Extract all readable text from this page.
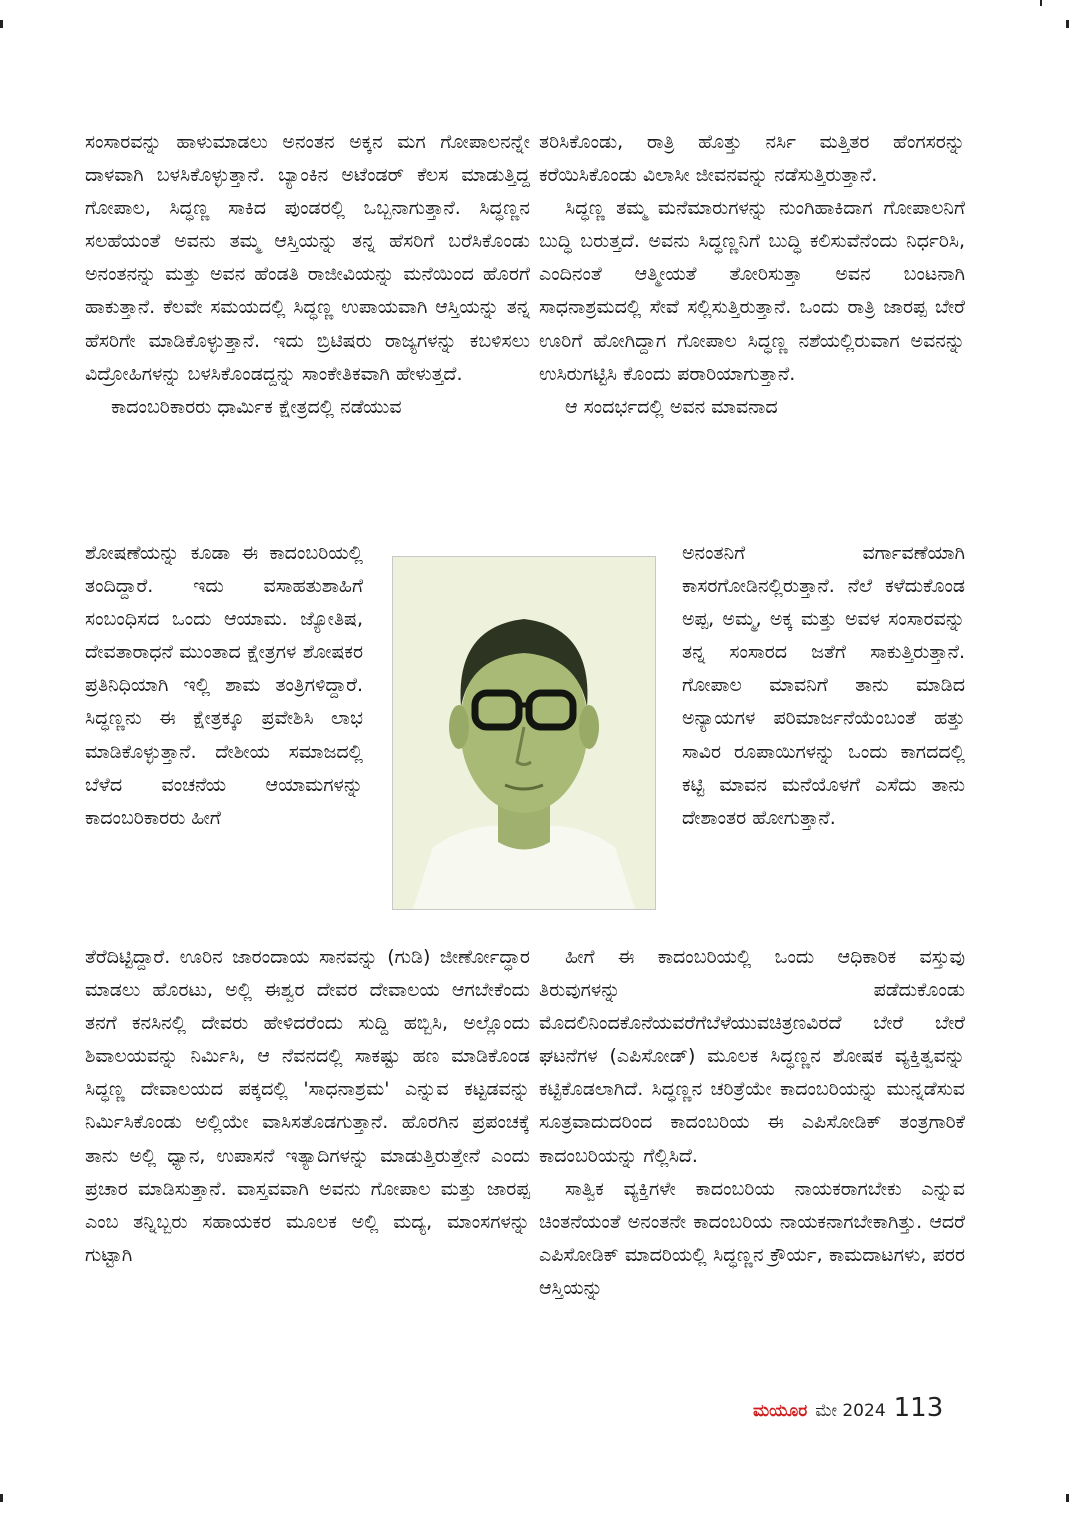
ಸಂಸಾರವನ್ನು ಹಾಳುಮಾಡಲು ಅನಂತನ ಅಕ್ಕನ ಮಗ ಗೋಪಾಲನನ್ನೇ ದಾಳವಾಗಿ ಬಳಸಿಕೊಳ್ಳುತ್ತಾನೆ. ಬ್ಯಾಂಕಿನ ಅಟೆಂಡರ್ ಕೆಲಸ ಮಾಡುತ್ತಿದ್ದ ಗೋಪಾಲ, ಸಿದ್ಧಣ್ಣ ಸಾಕಿದ ಪುಂಡರಲ್ಲಿ ಒಬ್ಬನಾಗುತ್ತಾನೆ. ಸಿದ್ಧಣ್ಣನ ಸಲಹೆಯಂತೆ ಅವನು ತಮ್ಮ ಆಸ್ತಿಯನ್ನು ತನ್ನ ಹೆಸರಿಗೆ ಬರೆಸಿಕೊಂಡು ಅನಂತನನ್ನು ಮತ್ತು ಅವನ ಹೆಂಡತಿ ರಾಜೀವಿಯನ್ನು ಮನೆಯಿಂದ ಹೊರಗೆ ಹಾಕುತ್ತಾನೆ. ಕೆಲವೇ ಸಮಯದಲ್ಲಿ ಸಿದ್ಧಣ್ಣ ಉಪಾಯವಾಗಿ ಆಸ್ತಿಯನ್ನು ತನ್ನ ಹೆಸರಿಗೇ ಮಾಡಿಕೊಳ್ಳುತ್ತಾನೆ. ಇದು ಬ್ರಿಟಿಷರು ರಾಜ್ಯಗಳನ್ನು ಕಬಳಿಸಲು ವಿದ್ರೋಹಿಗಳನ್ನು ಬಳಸಿಕೊಂಡದ್ದನ್ನು ಸಾಂಕೇತಿಕವಾಗಿ ಹೇಳುತ್ತದೆ.

ಕಾದಂಬರಿಕಾರರು ಧಾರ್ಮಿಕ ಕ್ಷೇತ್ರದಲ್ಲಿ ನಡೆಯುವ

ಶೋಷಣೆಯನ್ನು ಕೂಡಾ ಈ ಕಾದಂಬರಿಯಲ್ಲಿ ತಂದಿದ್ದಾರೆ. ಇದು ವಸಾಹತುಶಾಹಿಗೆ ಸಂಬಂಧಿಸದ ಒಂದು ಆಯಾಮ. ಜ್ಯೋತಿಷ, ದೇವತಾರಾಧನೆ ಮುಂತಾದ ಕ್ಷೇತ್ರಗಳ ಶೋಷಕರ ಪ್ರತಿನಿಧಿಯಾಗಿ ಇಲ್ಲಿ ಶಾಮ ತಂತ್ರಿಗಳಿದ್ದಾರೆ. ಸಿದ್ಧಣ್ಣನು ಈ ಕ್ಷೇತ್ರಕ್ಕೂ ಪ್ರವೇಶಿಸಿ ಲಾಭ ಮಾಡಿಕೊಳ್ಳುತ್ತಾನೆ. ದೇಶೀಯ ಸಮಾಜದಲ್ಲಿ ಬೆಳೆದ ವಂಚನೆಯ ಆಯಾಮಗಳನ್ನು ಕಾದಂಬರಿಕಾರರು ಹೀಗೆ

ತೆರೆದಿಟ್ಟಿದ್ದಾರೆ. ಊರಿನ ಜಾರಂದಾಯ ಸಾನವನ್ನು (ಗುಡಿ) ಜೀರ್ಣೋದ್ಧಾರ ಮಾಡಲು ಹೊರಟು, ಅಲ್ಲಿ ಈಶ್ವರ ದೇವರ ದೇವಾಲಯ ಆಗಬೇಕೆಂದು ತನಗೆ ಕನಸಿನಲ್ಲಿ ದೇವರು ಹೇಳಿದರೆಂದು ಸುದ್ದಿ ಹಬ್ಬಿಸಿ, ಅಲ್ಲೊಂದು ಶಿವಾಲಯವನ್ನು ನಿರ್ಮಿಸಿ, ಆ ನೆವನದಲ್ಲಿ ಸಾಕಷ್ಟು ಹಣ ಮಾಡಿಕೊಂಡ ಸಿದ್ಧಣ್ಣ ದೇವಾಲಯದ ಪಕ್ಕದಲ್ಲಿ 'ಸಾಧನಾಶ್ರಮ' ಎನ್ನುವ ಕಟ್ಟಡವನ್ನು ನಿರ್ಮಿಸಿಕೊಂಡು ಅಲ್ಲಿಯೇ ವಾಸಿಸತೊಡಗುತ್ತಾನೆ. ಹೊರಗಿನ ಪ್ರಪಂಚಕ್ಕೆ ತಾನು ಅಲ್ಲಿ ಧ್ಯಾನ, ಉಪಾಸನೆ ಇತ್ಯಾದಿಗಳನ್ನು ಮಾಡುತ್ತಿರುತ್ತೇನೆ ಎಂದು ಪ್ರಚಾರ ಮಾಡಿಸುತ್ತಾನೆ. ವಾಸ್ತವವಾಗಿ ಅವನು ಗೋಪಾಲ ಮತ್ತು ಜಾರಪ್ಪ ಎಂಬ ತನ್ನಿಬ್ಬರು ಸಹಾಯಕರ ಮೂಲಕ ಅಲ್ಲಿ ಮದ್ಯ, ಮಾಂಸಗಳನ್ನು ಗುಟ್ಟಾಗಿ

ತರಿಸಿಕೊಂಡು, ರಾತ್ರಿ ಹೊತ್ತು ನರ್ಸಿ ಮತ್ತಿತರ ಹೆಂಗಸರನ್ನು ಕರೆಯಿಸಿಕೊಂಡು ವಿಲಾಸೀ ಜೀವನವನ್ನು ನಡೆಸುತ್ತಿರುತ್ತಾನೆ.

ಸಿದ್ಧಣ್ಣ ತಮ್ಮ ಮನೆಮಾರುಗಳನ್ನು ನುಂಗಿಹಾಕಿದಾಗ ಗೋಪಾಲನಿಗೆ ಬುದ್ಧಿ ಬರುತ್ತದೆ. ಅವನು ಸಿದ್ಧಣ್ಣನಿಗೆ ಬುದ್ಧಿ ಕಲಿಸುವೆನೆಂದು ನಿರ್ಧರಿಸಿ, ಎಂದಿನಂತೆ ಆತ್ಮೀಯತೆ ತೋರಿಸುತ್ತಾ ಅವನ ಬಂಟನಾಗಿ ಸಾಧನಾಶ್ರಮದಲ್ಲಿ ಸೇವೆ ಸಲ್ಲಿಸುತ್ತಿರುತ್ತಾನೆ. ಒಂದು ರಾತ್ರಿ ಜಾರಪ್ಪ ಬೇರೆ ಊರಿಗೆ ಹೋಗಿದ್ದಾಗ ಗೋಪಾಲ ಸಿದ್ಧಣ್ಣ ನಶೆಯಲ್ಲಿರುವಾಗ ಅವನನ್ನು ಉಸಿರುಗಟ್ಟಿಸಿ ಕೊಂದು ಪರಾರಿಯಾಗುತ್ತಾನೆ.

ಆ ಸಂದರ್ಭದಲ್ಲಿ ಅವನ ಮಾವನಾದ

ಅನಂತನಿಗೆ ವರ್ಗಾವಣೆಯಾಗಿ ಕಾಸರಗೋಡಿನಲ್ಲಿರುತ್ತಾನೆ. ನೆಲೆ ಕಳೆದುಕೊಂಡ ಅಪ್ಪ, ಅಮ್ಮ, ಅಕ್ಕ ಮತ್ತು ಅವಳ ಸಂಸಾರವನ್ನು ತನ್ನ ಸಂಸಾರದ ಜತೆಗೆ ಸಾಕುತ್ತಿರುತ್ತಾನೆ. ಗೋಪಾಲ ಮಾವನಿಗೆ ತಾನು ಮಾಡಿದ ಅನ್ಯಾಯಗಳ ಪರಿಮಾರ್ಜನೆಯೆಂಬಂತೆ ಹತ್ತು ಸಾವಿರ ರೂಪಾಯಿಗಳನ್ನು ಒಂದು ಕಾಗದದಲ್ಲಿ ಕಟ್ಟಿ ಮಾವನ ಮನೆಯೊಳಗೆ ಎಸೆದು ತಾನು ದೇಶಾಂತರ ಹೋಗುತ್ತಾನೆ.

ಹೀಗೆ ಈ ಕಾದಂಬರಿಯಲ್ಲಿ ಒಂದು ಆಧಿಕಾರಿಕ ವಸ್ತುವು ತಿರುವುಗಳನ್ನು ಪಡೆದುಕೊಂಡು ಮೊದಲಿನಿಂದಕೊನೆಯವರೆಗೆಬೆಳೆಯುವಚಿತ್ರಣವಿರದೆ ಬೇರೆ ಬೇರೆ ಘಟನೆಗಳ (ಎಪಿಸೋಡ್) ಮೂಲಕ ಸಿದ್ಧಣ್ಣನ ಶೋಷಕ ವ್ಯಕ್ತಿತ್ವವನ್ನು ಕಟ್ಟಿಕೊಡಲಾಗಿದೆ. ಸಿದ್ಧಣ್ಣನ ಚರಿತ್ರೆಯೇ ಕಾದಂಬರಿಯನ್ನು ಮುನ್ನಡೆಸುವ ಸೂತ್ರವಾದುದರಿಂದ ಕಾದಂಬರಿಯ ಈ ಎಪಿಸೋಡಿಕ್ ತಂತ್ರಗಾರಿಕೆ ಕಾದಂಬರಿಯನ್ನು ಗೆಲ್ಲಿಸಿದೆ.

ಸಾತ್ವಿಕ ವ್ಯಕ್ತಿಗಳೇ ಕಾದಂಬರಿಯ ನಾಯಕರಾಗಬೇಕು ಎನ್ನುವ ಚಿಂತನೆಯಂತೆ ಅನಂತನೇ ಕಾದಂಬರಿಯ ನಾಯಕನಾಗಬೇಕಾಗಿತ್ತು. ಆದರೆ ಎಪಿಸೋಡಿಕ್ ಮಾದರಿಯಲ್ಲಿ ಸಿದ್ಧಣ್ಣನ ಕ್ರೌರ್ಯ, ಕಾಮದಾಟಗಳು, ಪರರ ಆಸ್ತಿಯನ್ನು

ಮಯೂರ ಮೇ 2024 113
